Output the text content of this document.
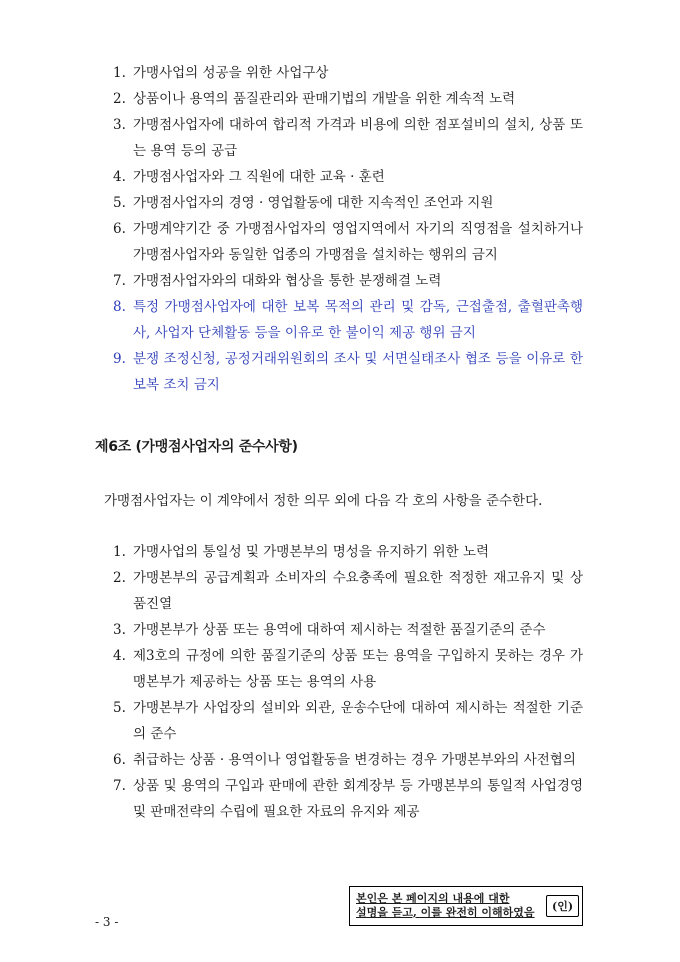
1. 가맹사업의 성공을 위한 사업구상
2. 상품이나 용역의 품질관리와 판매기법의 개발을 위한 계속적 노력
3. 가맹점사업자에 대하여 합리적 가격과 비용에 의한 점포설비의 설치, 상품 또는 용역 등의 공급
4. 가맹점사업자와 그 직원에 대한 교육 · 훈련
5. 가맹점사업자의 경영 · 영업활동에 대한 지속적인 조언과 지원
6. 가맹계약기간 중 가맹점사업자의 영업지역에서 자기의 직영점을 설치하거나 가맹점사업자와 동일한 업종의 가맹점을 설치하는 행위의 금지
7. 가맹점사업자와의 대화와 협상을 통한 분쟁해결 노력
8. 특정 가맹점사업자에 대한 보복 목적의 관리 및 감독, 근접출점, 출혈판촉행사, 사업자 단체활동 등을 이유로 한 불이익 제공 행위 금지
9. 분쟁 조정신청, 공정거래위원회의 조사 및 서면실태조사 협조 등을 이유로 한 보복 조치 금지
제6조 (가맹점사업자의 준수사항)
가맹점사업자는 이 계약에서 정한 의무 외에 다음 각 호의 사항을 준수한다.
1. 가맹사업의 통일성 및 가맹본부의 명성을 유지하기 위한 노력
2. 가맹본부의 공급계획과 소비자의 수요충족에 필요한 적정한 재고유지 및 상품진열
3. 가맹본부가 상품 또는 용역에 대하여 제시하는 적절한 품질기준의 준수
4. 제3호의 규정에 의한 품질기준의 상품 또는 용역을 구입하지 못하는 경우 가맹본부가 제공하는 상품 또는 용역의 사용
5. 가맹본부가 사업장의 설비와 외관, 운송수단에 대하여 제시하는 적절한 기준의 준수
6. 취급하는 상품 · 용역이나 영업활동을 변경하는 경우 가맹본부와의 사전협의
7. 상품 및 용역의 구입과 판매에 관한 회계장부 등 가맹본부의 통일적 사업경영 및 판매전략의 수립에 필요한 자료의 유지와 제공
- 3 -
본인은 본 페이지의 내용에 대한
설명을 듣고, 이를 완전히 이해하였음	(인)
